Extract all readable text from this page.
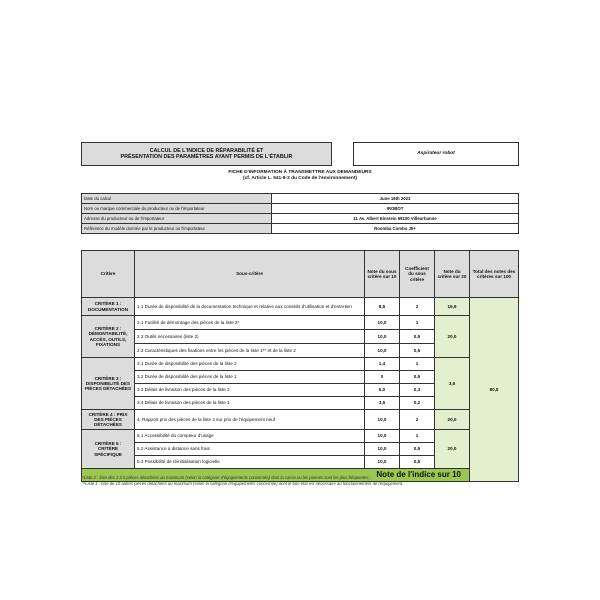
CALCUL DE L'INDICE DE RÉPARABILITÉ ET
PRÉSENTATION DES PARAMÈTRES AYANT PERMIS DE L'ÉTABLIR
		Aspirateur robot
FICHE D'INFORMATION À TRANSMETTRE AUX DEMANDEURS
(cf. Article L. 541-9-2 du Code de l'environnement)
Date du calcul	June 16th 2023
Nom ou marque commerciale du producteur ou de l'importateur	IROBOT
Adresse du producteur ou de l'importateur	11 Av. Albert Einstein 69100 Villeurbanne
Référence du modèle donnée par le producteur ou l'importateur	Roomba Combo J5+
Critère	Sous-critère	Note du sous critère sur 10	Coefficient du sous critère	Note du critère sur 20	Total des notes des critères sur 100	
CRITÈRE 1 : DOCUMENTATION	1.1 Durée de disponibilité de la documentation technique et relative aux conseils d'utilisation et d'entretien	8,5	2	16,9	80,5	
CRITÈRE 2 : DÉMONTABILITÉ, ACCÈS, OUTILS, FIXATIONS	2.1 Facilité de démontage des pièces de la liste 2*	10,0	1	20,0		
	2.2 Outils nécessaires (liste 2)	10,0	0,5			
	2.3 Caractéristiques des fixations entre les pièces de la liste 1** et de la liste 2	10,0	0,5			
CRITÈRE 3 : DISPONIBILITÉ DES PIÈCES DÉTACHÉES	3.1 Durée de disponibilité des pièces de la liste 2	1,4	1	3,6		
	3.2 Durée de disponibilité des pièces de la liste 1	0	0,5			
	3.3 Délais de livraison des pièces de la liste 2	5,0	0,3			
	3.4 Délais de livraison des pièces de la liste 1	3,5	0,2			
CRITÈRE 4 : PRIX DES PIÈCES DÉTACHÉES	4. Rapport prix des pièces de la liste 2 sur prix de l'équipement neuf	10,0	2	20,0		
CRITÈRE 5 : CRITÈRE SPÉCIFIQUE	5.1 Accessibilité du compteur d'usage	10,0	1	20,0		
	5.2 Assistance à distance sans frais	10,0	0,5			
	5.3 Possibilité de réinitialisation logicielle	10,0	0,5			
Note de l'indice sur 10	
*Liste 2 : liste des 3 à 5 pièces détachées au maximum (selon la catégorie d'équipements concernée) dont la casse ou les pannes sont les plus fréquentes ;
**Liste 1 : liste de 10 autres pièces détachées au maximum (selon la catégorie d'équipements concernée) dont le bon état est nécessaire au fonctionnement de l'équipement.
